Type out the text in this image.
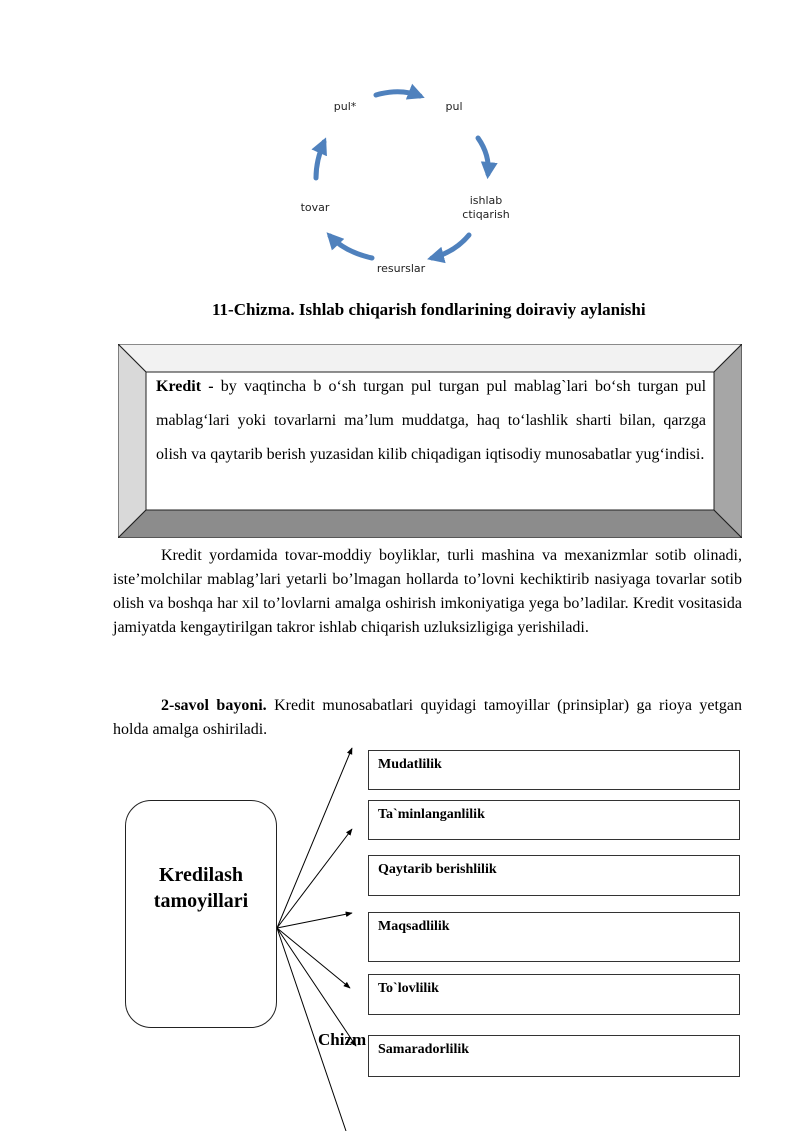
pul*	pul
ishlab ctiqarish
resurslar
tovar
11-Chizma. Ishlab chiqarish fondlarining doiraviy aylanishi
Kredit - by vaqtincha b o‘sh turgan pul turgan pul mablag`lari bo‘sh turgan pul mablag‘lari yoki tovarlarni ma’lum muddatga, haq to‘lashlik sharti bilan, qarzga olish va qaytarib berish yuzasidan kilib chiqadigan iqtisodiy munosabatlar yug‘indisi.
Kredit yordamida tovar-moddiy boyliklar, turli mashina va mexanizmlar sotib olinadi, iste’molchilar mablag’lari yetarli bo’lmagan hollarda to’lovni kechiktirib nasiyaga tovarlar sotib olish va boshqa har xil to’lovlarni amalga oshirish imkoniyatiga yega bo’ladilar. Kredit vositasida jamiyatda kengaytirilgan takror ishlab chiqarish uzluksizligiga yerishiladi.
2-savol bayoni. Kredit munosabatlari quyidagi tamoyillar (prinsiplar) ga rioya yetgan holda amalga oshiriladi.
Kredilash tamoyillari
Chizm
Mudatlilik
Ta`minlanganlilik
Qaytarib berishlilik
Maqsadlilik
To`lovlilik
Samaradorlilik
